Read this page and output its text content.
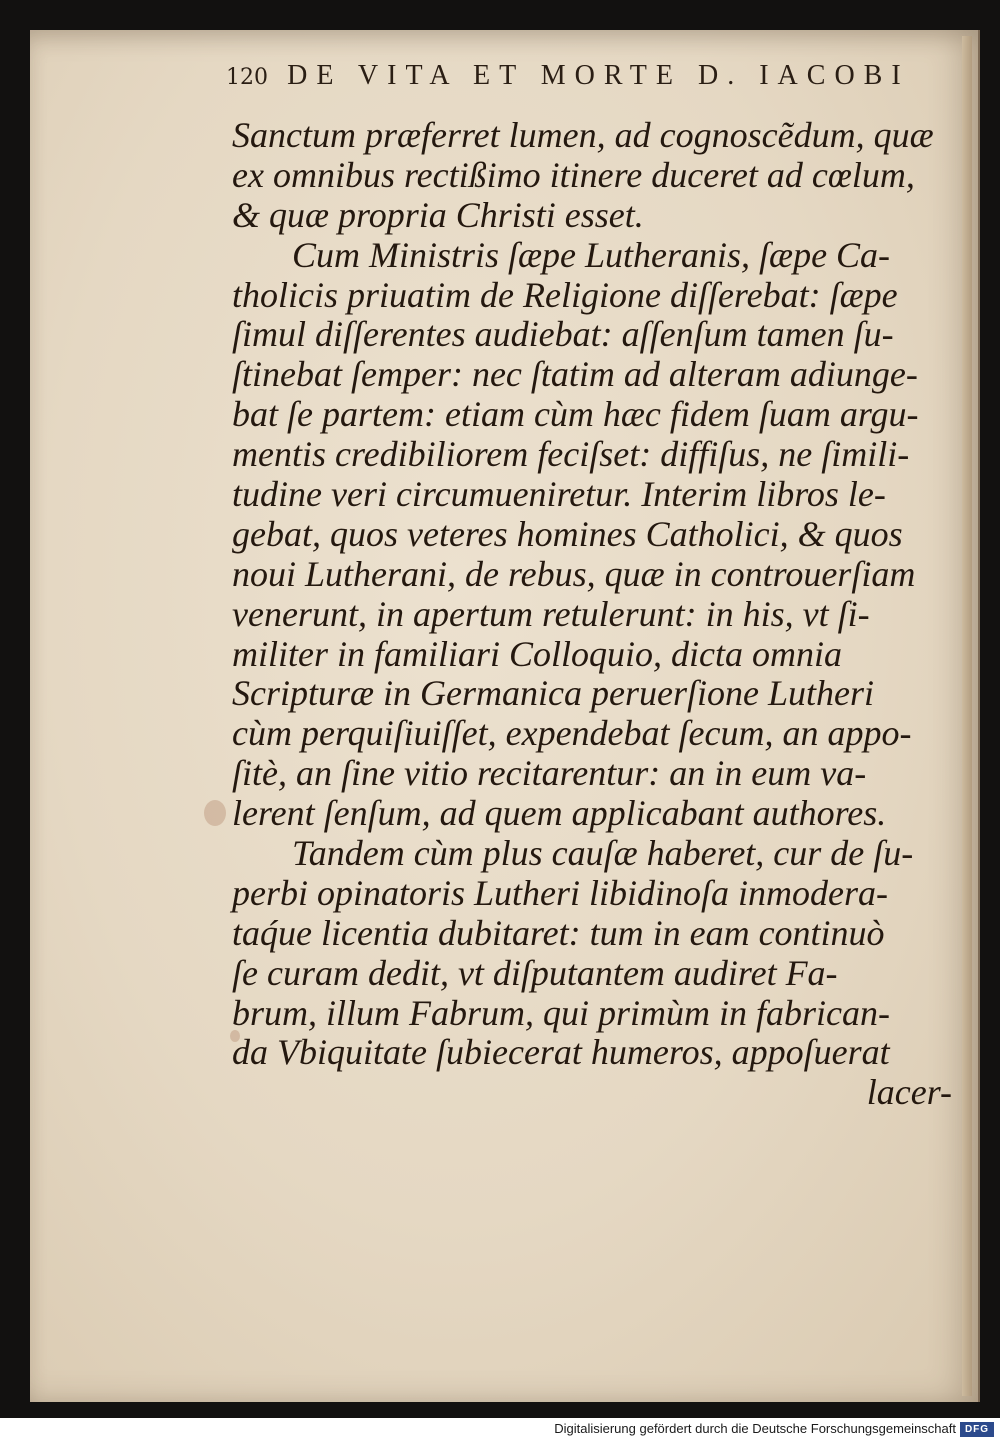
120 DE VITA ET MORTE D. IACOBI
Sanctum præferret lumen, ad cognoscẽdum, quæ
ex omnibus rectißimo itinere duceret ad cœlum,
& quæ propria Christi esset.
Cum Ministris ſæpe Lutheranis, ſæpe Ca-
tholicis priuatim de Religione diſſerebat: ſæpe
ſimul diſſerentes audiebat: aſſenſum tamen ſu-
ſtinebat ſemper: nec ſtatim ad alteram adiunge-
bat ſe partem: etiam cùm hæc fidem ſuam argu-
mentis credibiliorem feciſset: diffiſus, ne ſimili-
tudine veri circumueniretur. Interim libros le-
gebat, quos veteres homines Catholici, & quos
noui Lutherani, de rebus, quæ in controuerſiam
venerunt, in apertum retulerunt: in his, vt ſi-
militer in familiari Colloquio, dicta omnia
Scripturæ in Germanica peruerſione Lutheri
cùm perquiſiuiſſet, expendebat ſecum, an appo-
ſitè, an ſine vitio recitarentur: an in eum va-
lerent ſenſum, ad quem applicabant authores.
Tandem cùm plus cauſæ haberet, cur de ſu-
perbi opinatoris Lutheri libidinoſa inmodera-
taq́ue licentia dubitaret: tum in eam continuò
ſe curam dedit, vt diſputantem audiret Fa-
brum, illum Fabrum, qui primùm in fabrican-
da Vbiquitate ſubiecerat humeros, appoſuerat
lacer-
Digitalisierung gefördert durch die Deutsche Forschungsgemeinschaft DFG
